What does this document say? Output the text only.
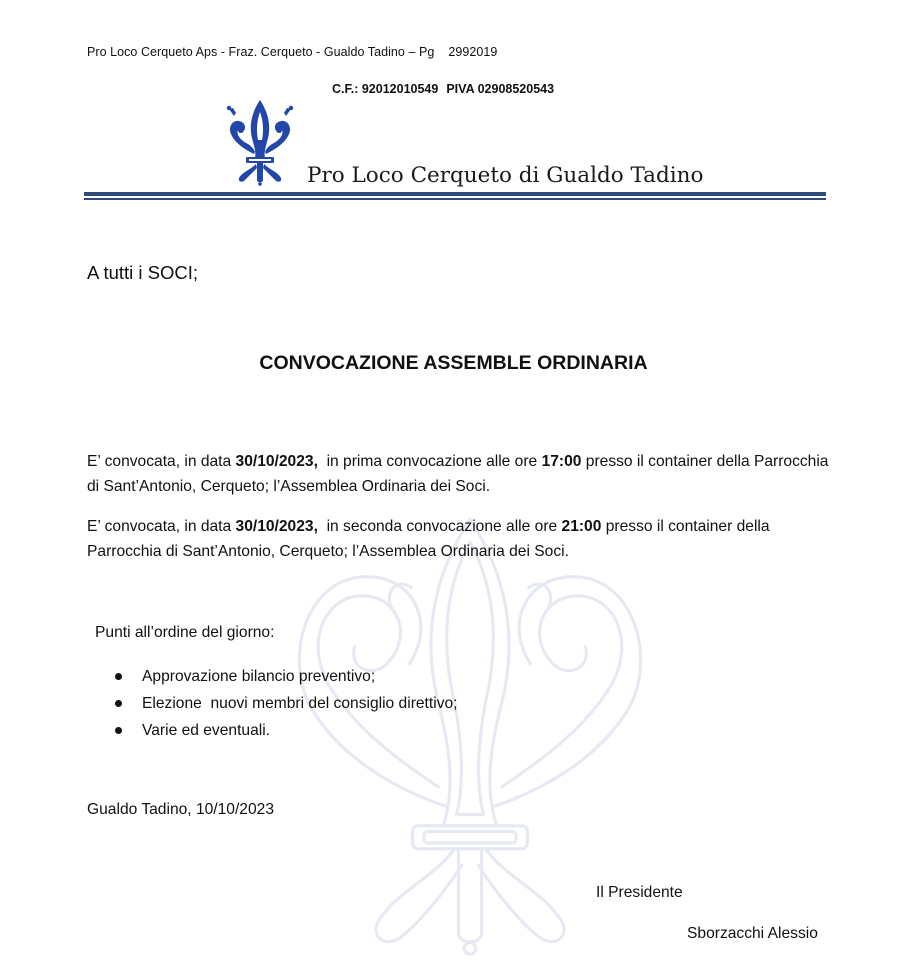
Pro Loco Cerqueto Aps - Fraz. Cerqueto - Gualdo Tadino – Pg 2992019
C.F.: 92012010549 PIVA 02908520543
Pro Loco Cerqueto di Gualdo Tadino
A tutti i SOCI;
CONVOCAZIONE ASSEMBLE ORDINARIA
E’ convocata, in data 30/10/2023,  in prima convocazione alle ore 17:00 presso il container della Parrocchia di Sant’Antonio, Cerqueto; l’Assemblea Ordinaria dei Soci.
E’ convocata, in data 30/10/2023,  in seconda convocazione alle ore 21:00 presso il container della Parrocchia di Sant’Antonio, Cerqueto; l’Assemblea Ordinaria dei Soci.
Punti all’ordine del giorno:
Approvazione bilancio preventivo;
Elezione  nuovi membri del consiglio direttivo;
Varie ed eventuali.
Gualdo Tadino, 10/10/2023
Il Presidente
Sborzacchi Alessio
